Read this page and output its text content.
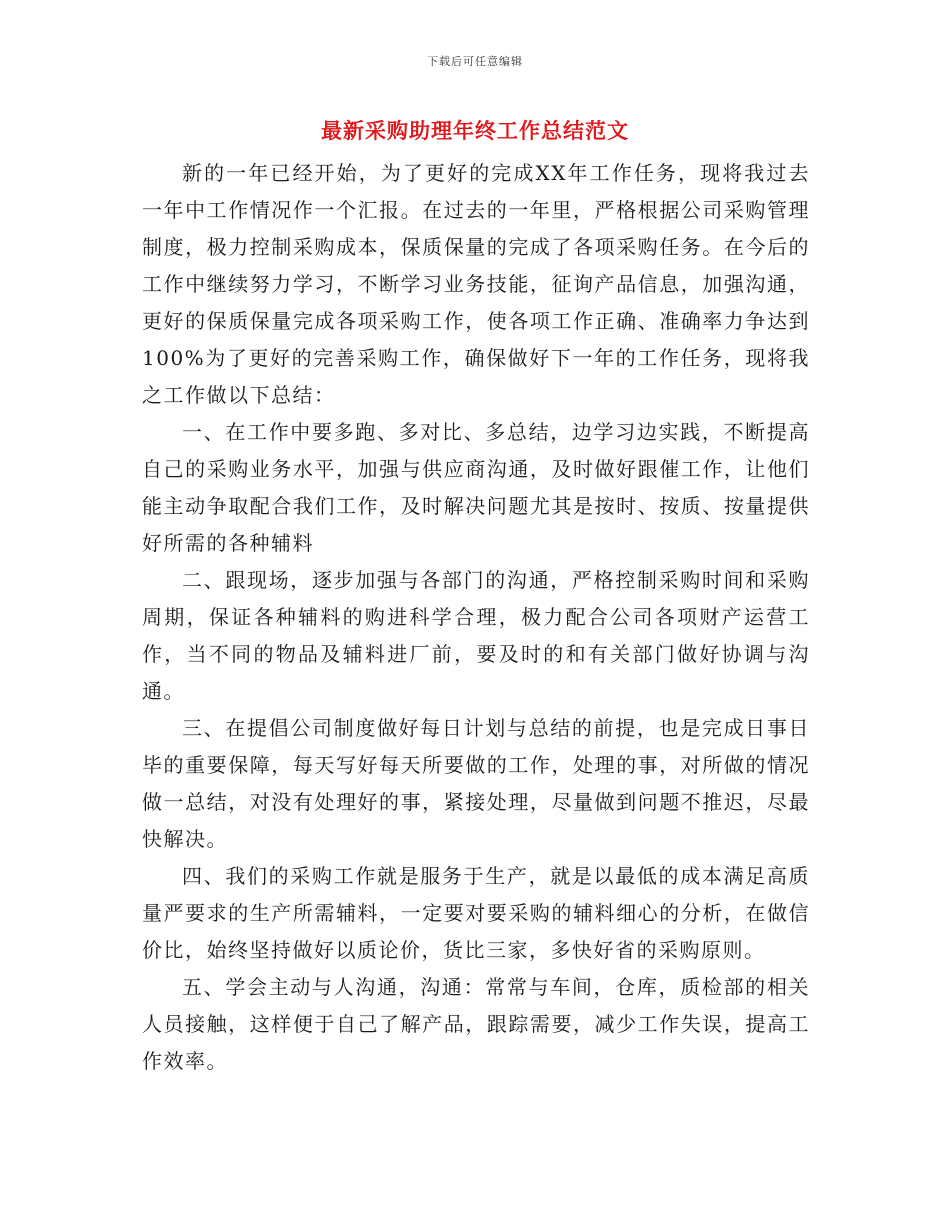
下载后可任意编辑
最新采购助理年终工作总结范文

新的一年已经开始，为了更好的完成XX年工作任务，现将我过去一年中工作情况作一个汇报。在过去的一年里，严格根据公司采购管理制度，极力控制采购成本，保质保量的完成了各项采购任务。在今后的工作中继续努力学习，不断学习业务技能，征询产品信息，加强沟通，更好的保质保量完成各项采购工作，使各项工作正确、准确率力争达到100%为了更好的完善采购工作，确保做好下一年的工作任务，现将我之工作做以下总结：

一、在工作中要多跑、多对比、多总结，边学习边实践，不断提高自己的采购业务水平，加强与供应商沟通，及时做好跟催工作，让他们能主动争取配合我们工作，及时解决问题尤其是按时、按质、按量提供好所需的各种辅料

二、跟现场，逐步加强与各部门的沟通，严格控制采购时间和采购周期，保证各种辅料的购进科学合理，极力配合公司各项财产运营工作，当不同的物品及辅料进厂前，要及时的和有关部门做好协调与沟通。

三、在提倡公司制度做好每日计划与总结的前提，也是完成日事日毕的重要保障，每天写好每天所要做的工作，处理的事，对所做的情况做一总结，对没有处理好的事，紧接处理，尽量做到问题不推迟，尽最快解决。

四、我们的采购工作就是服务于生产，就是以最低的成本满足高质量严要求的生产所需辅料，一定要对要采购的辅料细心的分析，在做信价比，始终坚持做好以质论价，货比三家，多快好省的采购原则。

五、学会主动与人沟通，沟通：常常与车间，仓库，质检部的相关人员接触，这样便于自己了解产品，跟踪需要，减少工作失误，提高工作效率。
